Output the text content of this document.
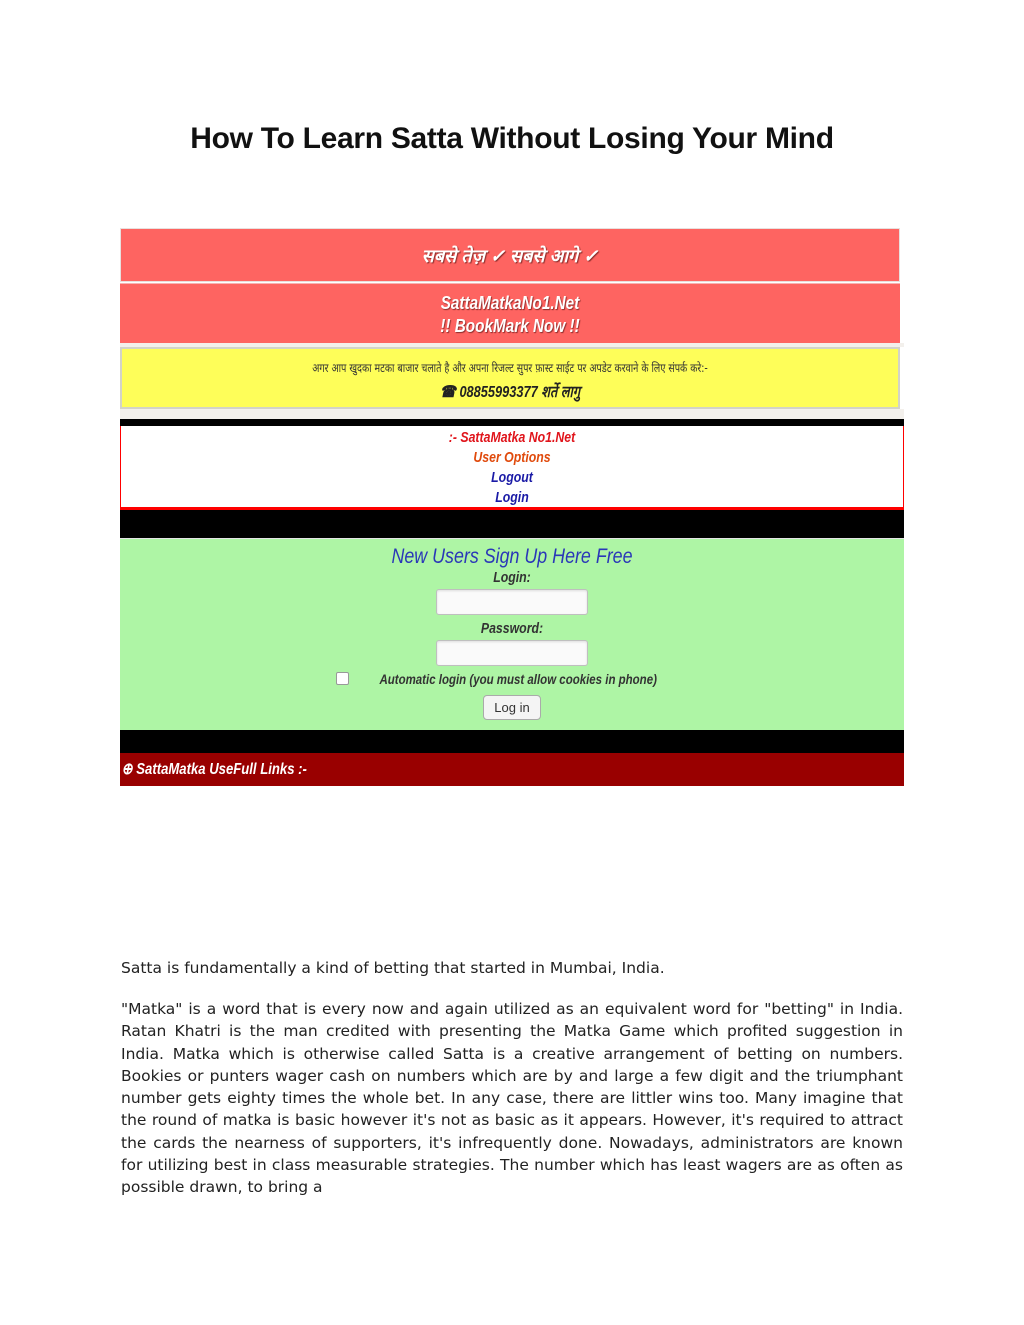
How To Learn Satta Without Losing Your Mind
सबसे तेज़ ✓ सबसे आगे ✓
SattaMatkaNo1.Net
!! BookMark Now !!
अगर आप खुदका मटका बाजार चलाते है और अपना रिजल्ट सुपर फ़ास्ट साईट पर अपडेट करवाने के लिए संपर्क करे:-
☎ 08855993377 शर्ते लागु
:- SattaMatka No1.Net
User Options
Logout
Login
New Users Sign Up Here Free
Login:
Password:
Automatic login (you must allow cookies in phone)
Log in
⊕ SattaMatka UseFull Links :-

Satta is fundamentally a kind of betting that started in Mumbai, India.

"Matka" is a word that is every now and again utilized as an equivalent word for "betting" in India. Ratan Khatri is the man credited with presenting the Matka Game which profited suggestion in India. Matka which is otherwise called Satta is a creative arrangement of betting on numbers. Bookies or punters wager cash on numbers which are by and large a few digit and the triumphant number gets eighty times the whole bet. In any case, there are littler wins too. Many imagine that the round of matka is basic however it's not as basic as it appears. However, it's required to attract the cards the nearness of supporters, it's infrequently done. Nowadays, administrators are known for utilizing best in class measurable strategies. The number which has least wagers are as often as possible drawn, to bring a
